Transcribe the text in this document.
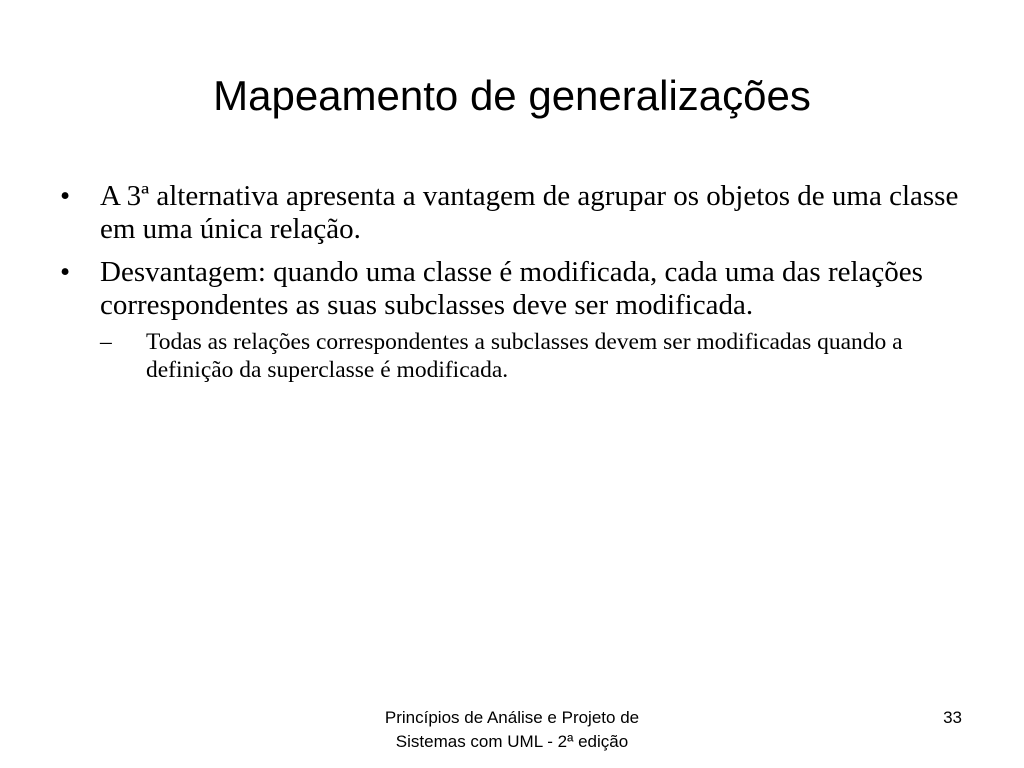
Mapeamento de generalizações
• A 3ª alternativa apresenta a vantagem de agrupar os objetos de uma classe em uma única relação.
• Desvantagem: quando uma classe é modificada, cada uma das relações correspondentes as suas subclasses deve ser modificada.
– Todas as relações correspondentes a subclasses devem ser modificadas quando a definição da superclasse é modificada.
Princípios de Análise e Projeto de
Sistemas com UML - 2ª edição
33
